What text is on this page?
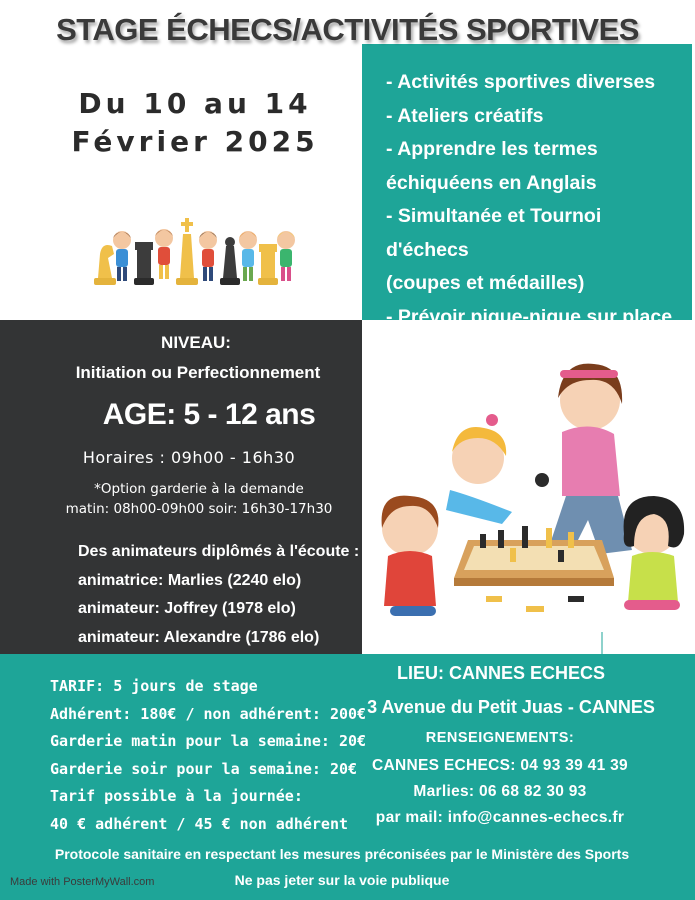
STAGE ÉCHECS/ACTIVITÉS SPORTIVES
Du 10 au 14
Février 2025
- Activités sportives diverses
- Ateliers créatifs
- Apprendre les termes
échiquéens en Anglais
- Simultanée et Tournoi d'échecs
(coupes et médailles)
- Prévoir pique-nique sur place
NIVEAU:
Initiation ou Perfectionnement
AGE: 5 - 12 ans
Horaires : 09h00 - 16h30
*Option garderie à la demande
matin: 08h00-09h00 soir: 16h30-17h30
Des animateurs diplômés à l'écoute :
animatrice: Marlies (2240 elo)
animateur: Joffrey (1978 elo)
animateur: Alexandre (1786 elo)
TARIF: 5 jours de stage
Adhérent: 180€ / non adhérent: 200€
Garderie matin pour la semaine: 20€
Garderie soir pour la semaine: 20€
Tarif possible à la journée:
40 € adhérent / 45 € non adhérent
LIEU: CANNES ECHECS
3 Avenue du Petit Juas - CANNES
RENSEIGNEMENTS:
CANNES ECHECS: 04 93 39 41 39
Marlies: 06 68 82 30 93
par mail: info@cannes-echecs.fr
Protocole sanitaire en respectant les mesures préconisées par le Ministère des Sports
Ne pas jeter sur la voie publique
Made with PosterMyWall.com
